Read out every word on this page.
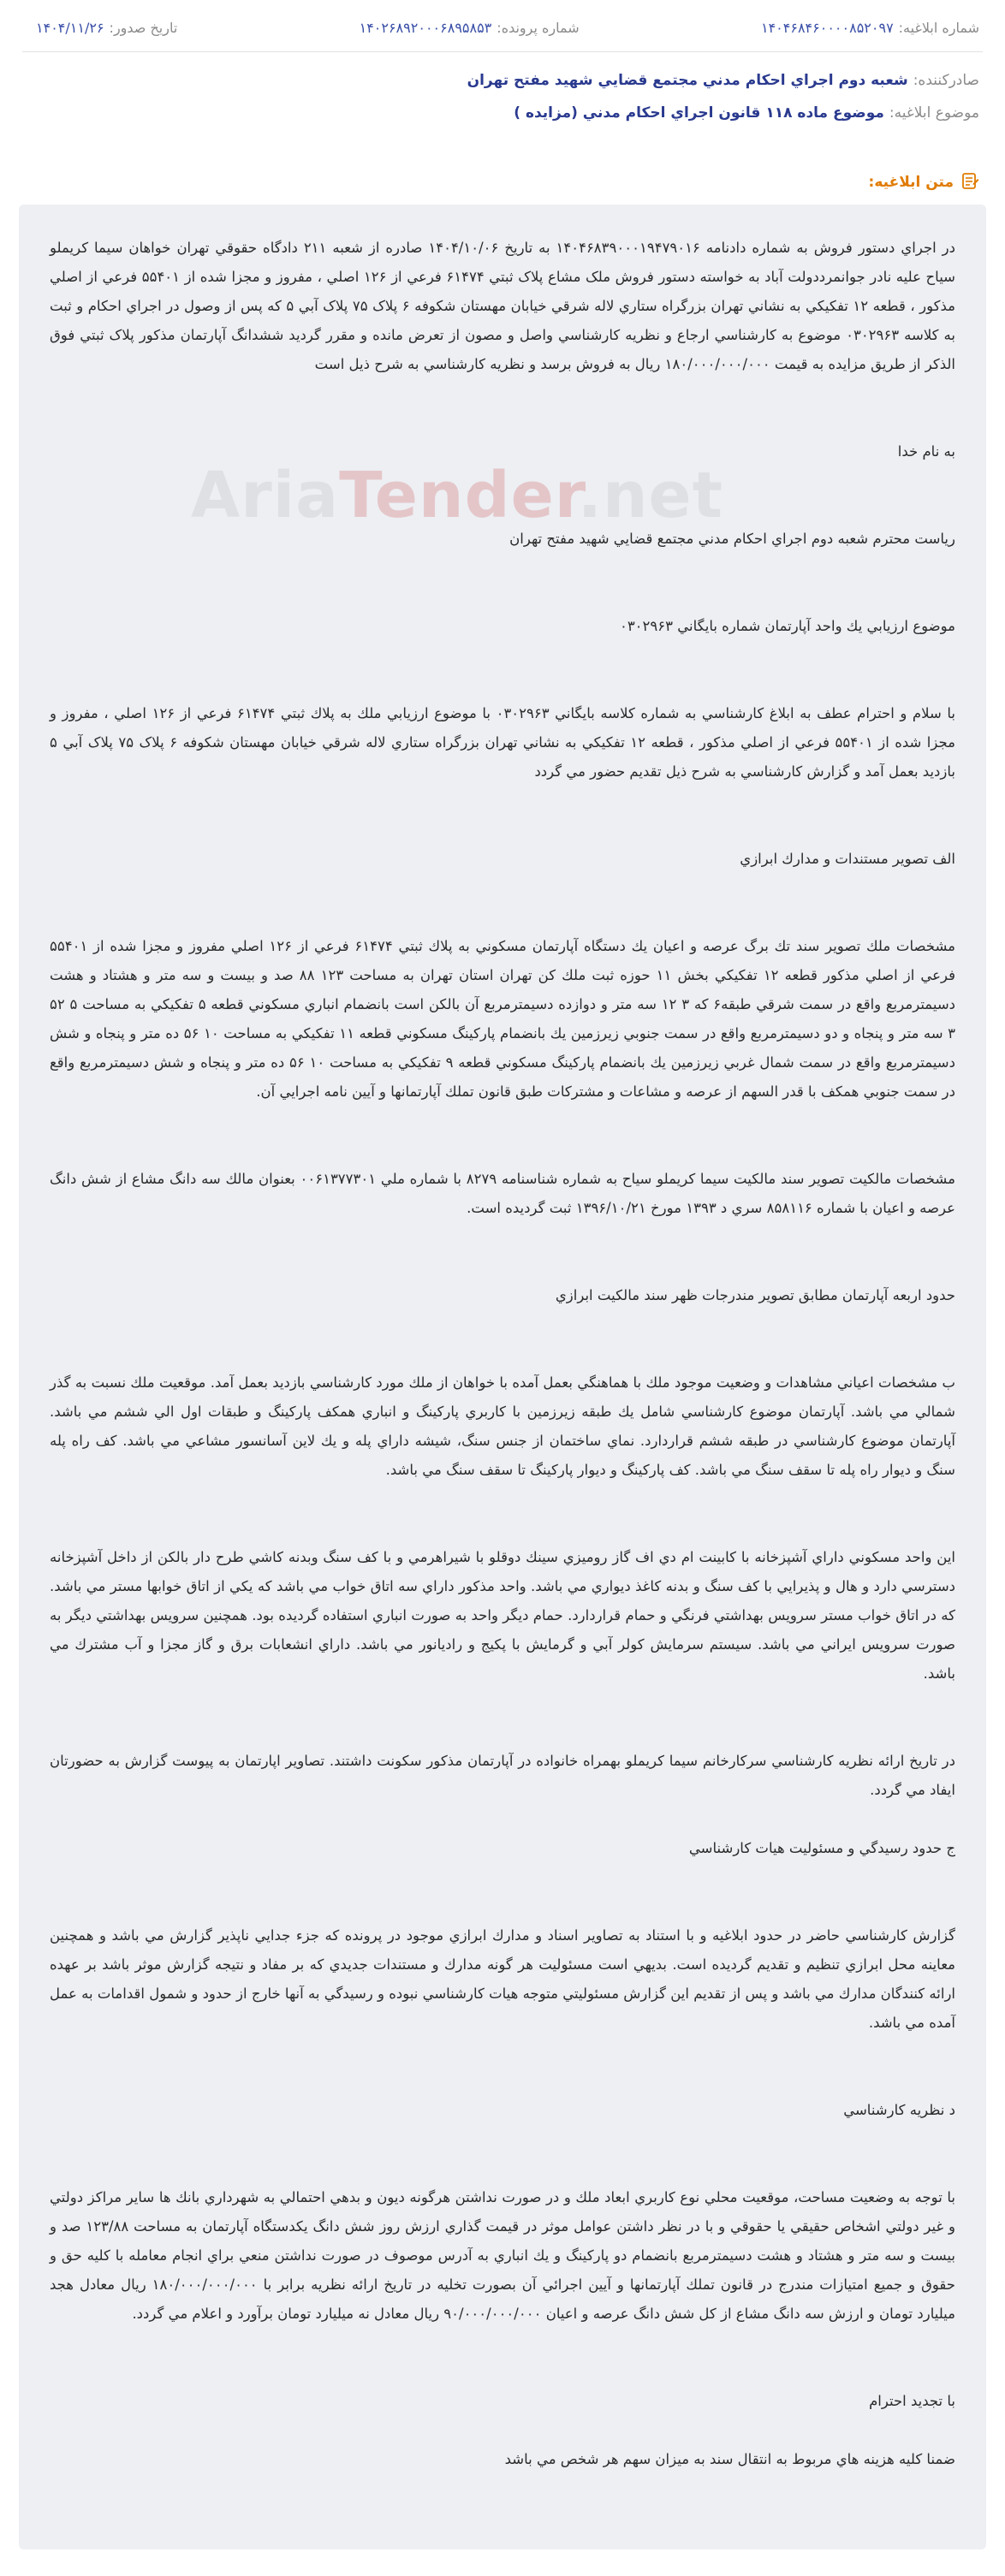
شماره ابلاغيه:۱۴۰۴۶۸۴۶۰۰۰۰۸۵۲۰۹۷
شماره پرونده:۱۴۰۲۶۸۹۲۰۰۰۶۸۹۵۸۵۳
تاريخ صدور:۱۴۰۴/۱۱/۲۶
صادرکننده:
شعبه دوم اجراي احکام مدني مجتمع قضايي شهيد مفتح تهران
موضوع ابلاغيه:
موضوع ماده ۱۱۸ قانون اجراي احکام مدني (مزايده )
متن ابلاغيه:
AriaTender.net

در اجراي دستور فروش به شماره دادنامه ۱۴۰۴۶۸۳۹۰۰۰۱۹۴۷۹۰۱۶ به تاريخ ۱۴۰۴/۱۰/۰۶ صادره از شعبه ۲۱۱ دادگاه حقوقي تهران خواهان سيما کريملو سياح عليه نادر جوانمرددولت آباد به خواسته دستور فروش ملک مشاع پلاک ثبتي ۶۱۴۷۴ فرعي از ۱۲۶ اصلي ، مفروز و مجزا شده از ۵۵۴۰۱ فرعي از اصلي مذکور ، قطعه ۱۲ تفکيکي به نشاني تهران بزرگراه ستاري لاله شرقي خيابان مهستان شکوفه ۶ پلاک ۷۵ پلاک آبي ۵ که پس از وصول در اجراي احکام و ثبت به کلاسه ۰۳۰۲۹۶۳ موضوع به کارشناسي ارجاع و نظريه کارشناسي واصل و مصون از تعرض مانده و مقرر گرديد ششدانگ آپارتمان مذکور پلاک ثبتي فوق الذکر از طريق مزايده به قيمت ۱۸۰/۰۰۰/۰۰۰/۰۰۰ ريال به فروش برسد و نظريه کارشناسي به شرح ذيل است

به نام خدا

رياست محترم شعبه دوم اجراي احکام مدني مجتمع قضايي شهيد مفتح تهران

موضوع ارزيابي يك واحد آپارتمان شماره بايگاني ۰۳۰۲۹۶۳

با سلام و احترام عطف به ابلاغ كارشناسي به شماره کلاسه بايگاني ۰۳۰۲۹۶۳ با موضوع ارزيابي ملك به پلاك ثبتي ۶۱۴۷۴ فرعي از ۱۲۶ اصلي ، مفروز و مجزا شده از ۵۵۴۰۱ فرعي از اصلي مذکور ، قطعه ۱۲ تفکيکي به نشاني تهران بزرگراه ستاري لاله شرقي خيابان مهستان شکوفه ۶ پلاک ۷۵ پلاک آبي ۵ بازديد بعمل آمد و گزارش كارشناسي به شرح ذيل تقديم حضور مي گردد

الف تصوير مستندات و مدارك ابرازي

مشخصات ملك تصوير سند تك برگ عرصه و اعيان يك دستگاه آپارتمان مسكوني به پلاك ثبتي ۶۱۴۷۴ فرعي از ۱۲۶ اصلي مفروز و مجزا شده از ۵۵۴۰۱ فرعي از اصلي مذكور قطعه ۱۲ تفكيكي بخش ۱۱ حوزه ثبت ملك كن تهران استان تهران به مساحت ۱۲۳ ۸۸ صد و بيست و سه متر و هشتاد و هشت دسيمترمربع واقع در سمت شرقي طبقه۶ كه ۳ ۱۲ سه متر و دوازده دسيمترمربع آن بالكن است بانضمام انباري مسكوني قطعه ۵ تفكيكي به مساحت ۵ ۵۲ ۳ سه متر و پنجاه و دو دسيمترمربع واقع در سمت جنوبي زيرزمين يك بانضمام پاركينگ مسكوني قطعه ۱۱ تفكيكي به مساحت ۱۰ ۵۶ ده متر و پنجاه و شش دسيمترمربع واقع در سمت شمال غربي زيرزمين يك بانضمام پاركينگ مسكوني قطعه ۹ تفكيكي به مساحت ۱۰ ۵۶ ده متر و پنجاه و شش دسيمترمربع واقع در سمت جنوبي همكف با قدر السهم از عرصه و مشاعات و مشتركات طبق قانون تملك آپارتمانها و آيين نامه اجرايي آن.

مشخصات مالكيت تصوير سند مالكيت سيما كريملو سياح به شماره شناسنامه ۸۲۷۹ با شماره ملي ۰۰۶۱۳۷۷۳۰۱ بعنوان مالك سه دانگ مشاع از شش دانگ عرصه و اعيان با شماره ۸۵۸۱۱۶ سري د ۱۳۹۳ مورخ ۱۳۹۶/۱۰/۲۱ ثبت گرديده است.

حدود اربعه آپارتمان مطابق تصوير مندرجات ظهر سند مالكيت ابرازي

ب مشخصات اعياني مشاهدات و وضعيت موجود ملك با هماهنگي بعمل آمده با خواهان از ملك مورد كارشناسي بازديد بعمل آمد. موقعيت ملك نسبت به گذر شمالي مي باشد. آپارتمان موضوع كارشناسي شامل يك طبقه زيرزمين با كاربري پاركينگ و انباري همكف پاركينگ و طبقات اول الي ششم مي باشد. آپارتمان موضوع كارشناسي در طبقه ششم قراردارد. نماي ساختمان از جنس سنگ، شيشه داراي پله و يك لاين آسانسور مشاعي مي باشد. كف راه پله سنگ و ديوار راه پله تا سقف سنگ مي باشد. كف پاركينگ و ديوار پاركينگ تا سقف سنگ مي باشد.

اين واحد مسكوني داراي آشپزخانه با كابينت ام دي اف گاز روميزي سينك دوقلو با شيراهرمي و با كف سنگ وبدنه كاشي طرح دار بالكن از داخل آشپزخانه دسترسي دارد و هال و پذيرايي با كف سنگ و بدنه كاغذ ديواري مي باشد. واحد مذكور داراي سه اتاق خواب مي باشد كه يكي از اتاق خوابها مستر مي باشد. كه در اتاق خواب مستر سرويس بهداشتي فرنگي و حمام قراردارد. حمام ديگر واحد به صورت انباري استفاده گرديده بود. همچنين سرويس بهداشتي ديگر به صورت سرويس ايراني مي باشد. سيستم سرمايش كولر آبي و گرمايش با پكيج و راديانور مي باشد. داراي انشعابات برق و گاز مجزا و آب مشترك مي باشد.

در تاريخ ارائه نظريه كارشناسي سركارخانم سيما كريملو بهمراه خانواده در آپارتمان مذكور سكونت داشتند. تصاوير اپارتمان به پيوست گزارش به حضورتان ايفاد مي گردد.

ج حدود رسيدگي و مسئوليت هيات كارشناسي

گزارش كارشناسي حاضر در حدود ابلاغيه و با استناد به تصاوير اسناد و مدارك ابرازي موجود در پرونده كه جزء جدايي ناپذير گزارش مي باشد و همچنين معاينه محل ابرازي تنظيم و تقديم گرديده است. بديهي است مسئوليت هر گونه مدارك و مستندات جديدي كه بر مفاد و نتيجه گزارش موثر باشد بر عهده ارائه كنندگان مدارك مي باشد و پس از تقديم اين گزارش مسئوليتي متوجه هيات كارشناسي نبوده و رسيدگي به آنها خارج از حدود و شمول اقدامات به عمل آمده مي باشد.

د نظريه كارشناسي

با توجه به وضعيت مساحت، موقعيت محلي نوع كاربري ابعاد ملك و در صورت نداشتن هرگونه ديون و بدهي احتمالي به شهرداري بانك ها ساير مراكز دولتي و غير دولتي اشخاص حقيقي يا حقوقي و با در نظر داشتن عوامل موثر در قيمت گذاري ارزش روز شش دانگ يكدستگاه آپارتمان به مساحت ۱۲۳/۸۸ صد و بيست و سه متر و هشتاد و هشت دسيمترمربع بانضمام دو پاركينگ و يك انباري به آدرس موصوف در صورت نداشتن منعي براي انجام معامله با كليه حق و حقوق و جميع امتيازات مندرج در قانون تملك آپارتمانها و آيين اجرائي آن بصورت تخليه در تاريخ ارائه نظريه برابر با ۱۸۰/۰۰۰/۰۰۰/۰۰۰ ريال معادل هجد ميليارد تومان و ارزش سه دانگ مشاع از كل شش دانگ عرصه و اعيان ۹۰/۰۰۰/۰۰۰/۰۰۰ ريال معادل نه ميليارد تومان برآورد و اعلام مي گردد.

با تجديد احترام

ضمنا کليه هزينه هاي مربوط به انتقال سند به ميزان سهم هر شخص مي باشد
